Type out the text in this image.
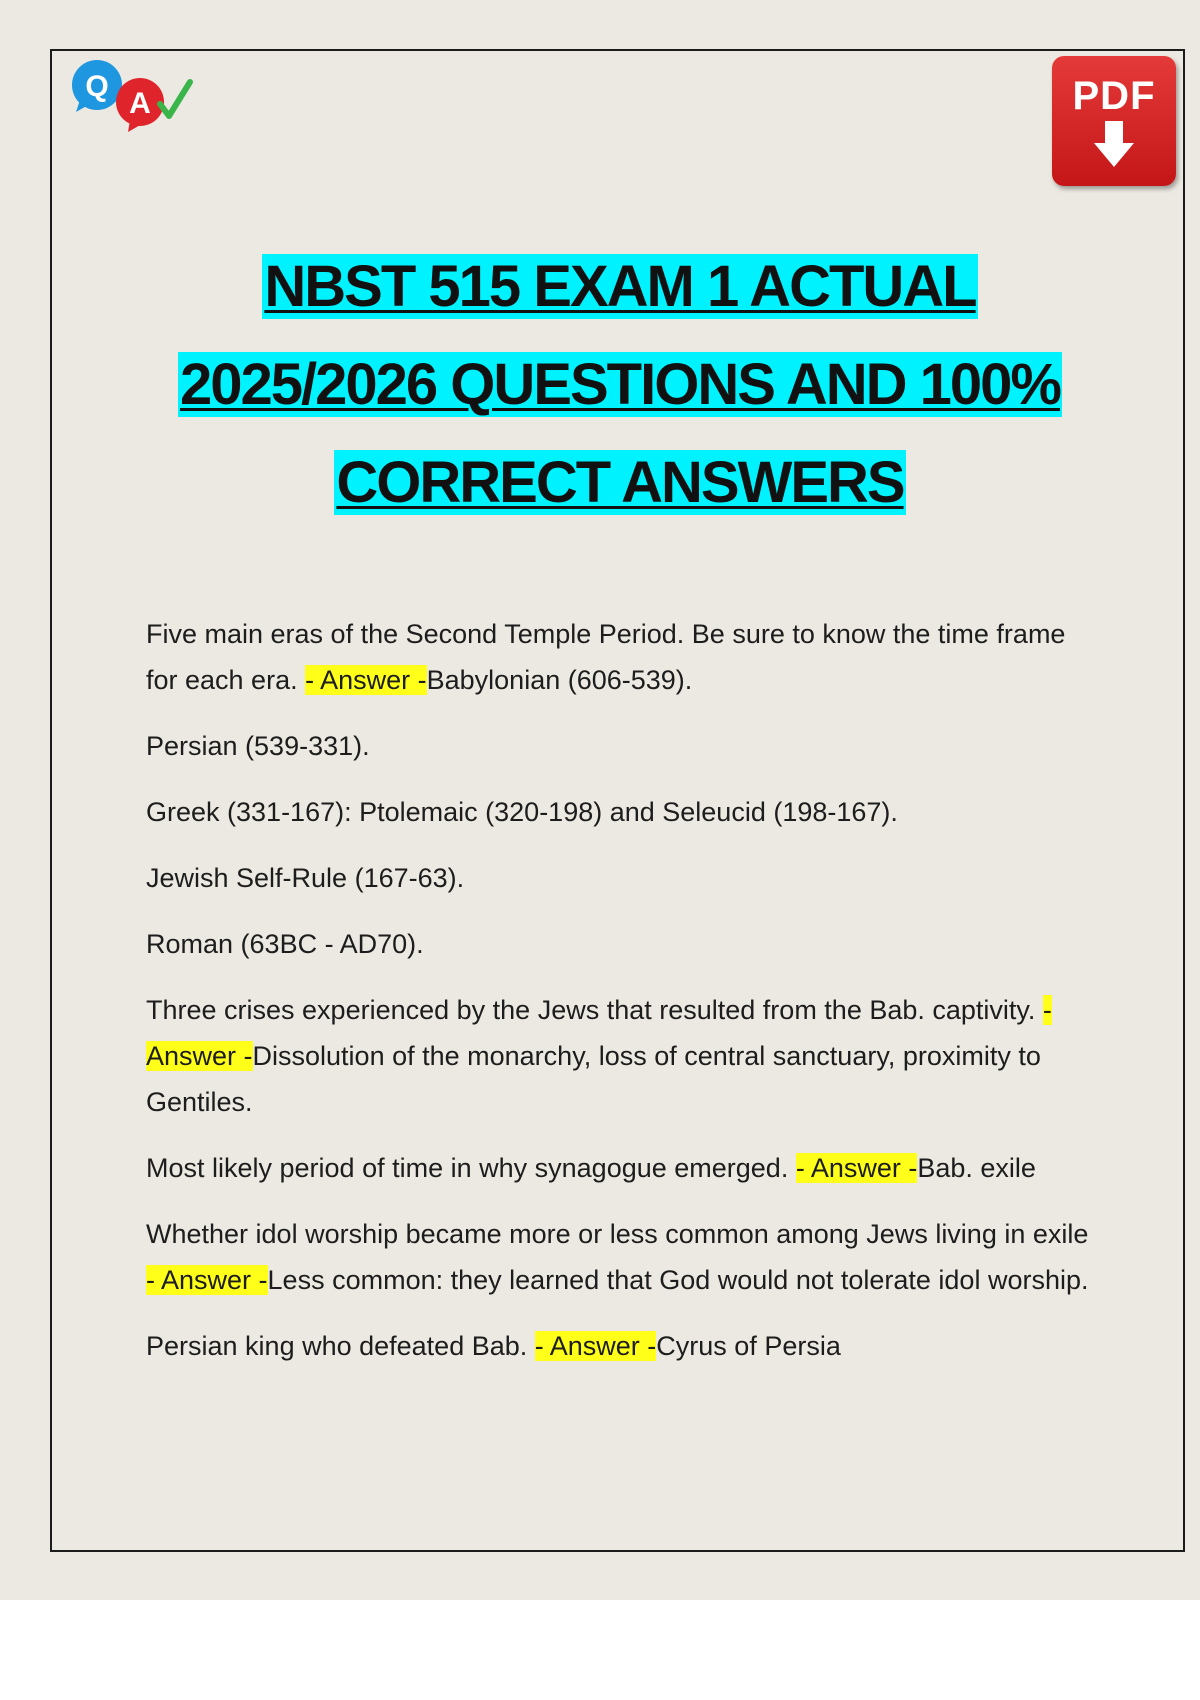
Q
A	PDF
NBST 515 EXAM 1 ACTUAL
2025/2026 QUESTIONS AND 100%
CORRECT ANSWERS

Five main eras of the Second Temple Period. Be sure to know the time frame for each era. - Answer -Babylonian (606-539).

Persian (539-331).

Greek (331-167): Ptolemaic (320-198) and Seleucid (198-167).

Jewish Self-Rule (167-63).

Roman (63BC - AD70).

Three crises experienced by the Jews that resulted from the Bab. captivity. - Answer -Dissolution of the monarchy, loss of central sanctuary, proximity to Gentiles.

Most likely period of time in why synagogue emerged. - Answer -Bab. exile

Whether idol worship became more or less common among Jews living in exile - Answer -Less common: they learned that God would not tolerate idol worship.

Persian king who defeated Bab. - Answer -Cyrus of Persia
